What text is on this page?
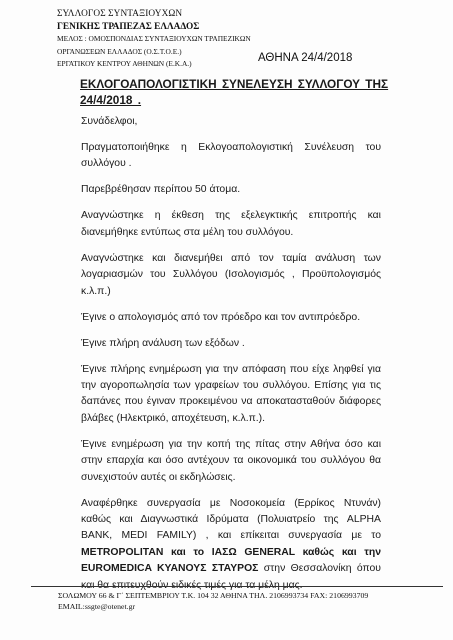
ΣΥΛΛΟΓΟΣ ΣΥΝΤΑΞΙΟΥΧΩΝ
ΓΕΝΙΚΗΣ ΤΡΑΠΕΖΑΣ ΕΛΛΑΔΟΣ
ΜΕΛΟΣ : ΟΜΟΣΠΟΝΔΙΑΣ ΣΥΝΤΑΞΙΟΥΧΩΝ ΤΡΑΠΕΖΙΚΩΝ
ΟΡΓΑΝΩΣΕΩΝ ΕΛΛΑΔΟΣ (Ο.Σ.Τ.Ο.Ε.)
ΕΡΓΑΤΙΚΟΥ ΚΕΝΤΡΟΥ ΑΘΗΝΩΝ (Ε.Κ.Α.)	ΑΘΗΝΑ 24/4/2018
ΕΚΛΟΓΟΑΠΟΛΟΓΙΣΤΙΚΗ ΣΥΝΕΛΕΥΣΗ ΣΥΛΛΟΓΟΥ ΤΗΣ 24/4/2018 .

Συνάδελφοι,

Πραγματοποιήθηκε η Εκλογοαπολογιστική Συνέλευση του συλλόγου .

Παρεβρέθησαν περίπου 50 άτομα.

Αναγνώστηκε η έκθεση της εξελεγκτικής επιτροπής και διανεμήθηκε εντύπως στα μέλη του συλλόγου.

Αναγνώστηκε και διανεμήθει από τον ταμία ανάλυση των λογαριασμών του Συλλόγου (Ισολογισμός , Προϋπολογισμός κ.λ.π.)

Έγινε ο απολογισμός από τον πρόεδρο και τον αντιπρόεδρο.

Έγινε πλήρη ανάλυση των εξόδων .

Έγινε πλήρης ενημέρωση για την απόφαση που είχε ληφθεί για την αγοροπωλησία των γραφείων του συλλόγου. Επίσης για τις δαπάνες που έγιναν προκειμένου να αποκατασταθούν διάφορες βλάβες (Ηλεκτρικό, αποχέτευση, κ.λ.π.).

Έγινε ενημέρωση για την κοπή της πίτας στην Αθήνα όσο και στην επαρχία και όσο αντέχουν τα οικονομικά του συλλόγου θα συνεχιστούν αυτές οι εκδηλώσεις.

Αναφέρθηκε συνεργασία με Νοσοκομεία (Ερρίκος Ντυνάν) καθώς και Διαγνωστικά Ιδρύματα (Πολυιατρείο της ALPHA BANK, MEDI FAMILY) , και επίκειται συνεργασία με το METROPOLITAN και το ΙΑΣΩ GENERAL καθώς και την EUROMEDICA ΚΥΑΝΟΥΣ ΣΤΑΥΡΟΣ στην Θεσσαλονίκη όπου και θα επιτευχθούν ειδικές τιμές για τα μέλη μας.

ΣΟΛΩΜΟΥ 66 & Γ΄ ΣΕΠΤΕΜΒΡΙΟΥ Τ.Κ. 104 32 ΑΘΗΝΑ ΤΗΛ. 2106993734 FAX: 2106993709
EMAIL:ssgte@otenet.gr
